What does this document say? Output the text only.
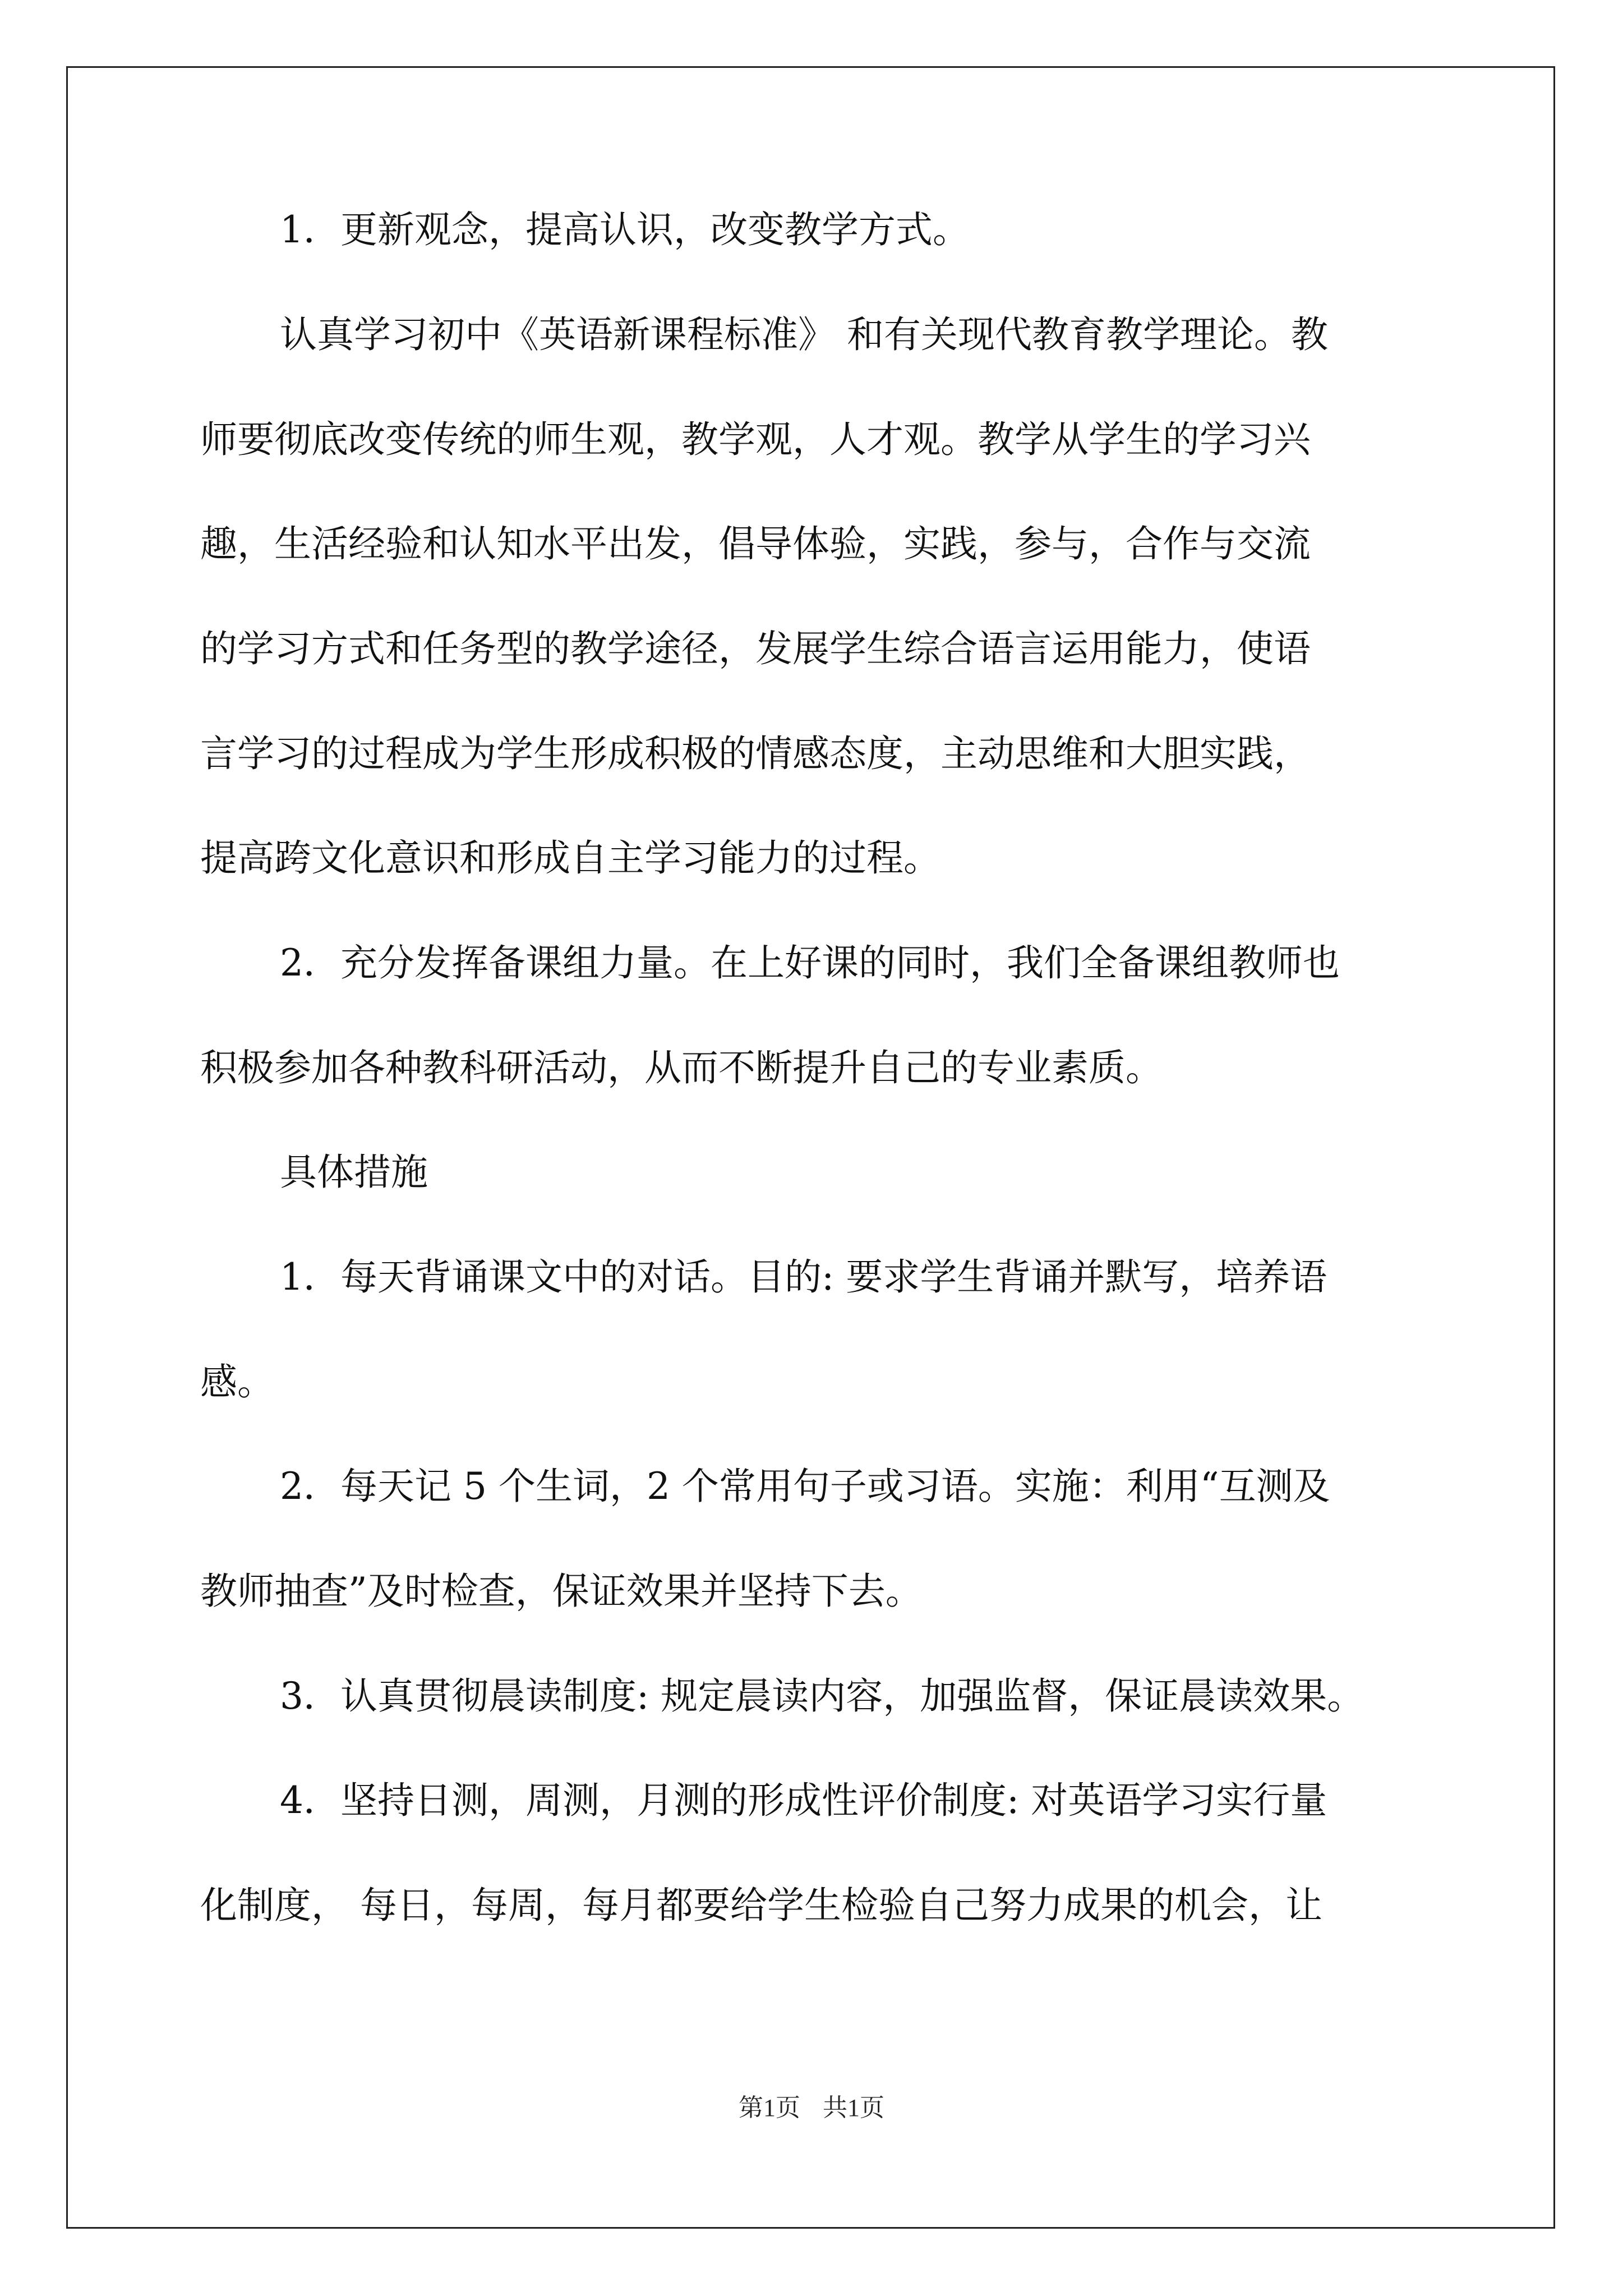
1．更新观念，提高认识，改变教学方式。
认真学习初中《英语新课程标准》 和有关现代教育教学理论。教
师要彻底改变传统的师生观，教学观，人才观。教学从学生的学习兴
趣，生活经验和认知水平出发，倡导体验，实践，参与，合作与交流
的学习方式和任务型的教学途径，发展学生综合语言运用能力，使语
言学习的过程成为学生形成积极的情感态度，主动思维和大胆实践，
提高跨文化意识和形成自主学习能力的过程。
2．充分发挥备课组力量。在上好课的同时，我们全备课组教师也
积极参加各种教科研活动，从而不断提升自己的专业素质。
具体措施
1．每天背诵课文中的对话。目的: 要求学生背诵并默写，培养语
感。
2．每天记 5 个生词，2 个常用句子或习语。实施：利用“互测及
教师抽查”及时检查，保证效果并坚持下去。
3．认真贯彻晨读制度: 规定晨读内容，加强监督，保证晨读效果。
4．坚持日测，周测，月测的形成性评价制度: 对英语学习实行量
化制度， 每日，每周，每月都要给学生检验自己努力成果的机会，让
第1页 共1页
